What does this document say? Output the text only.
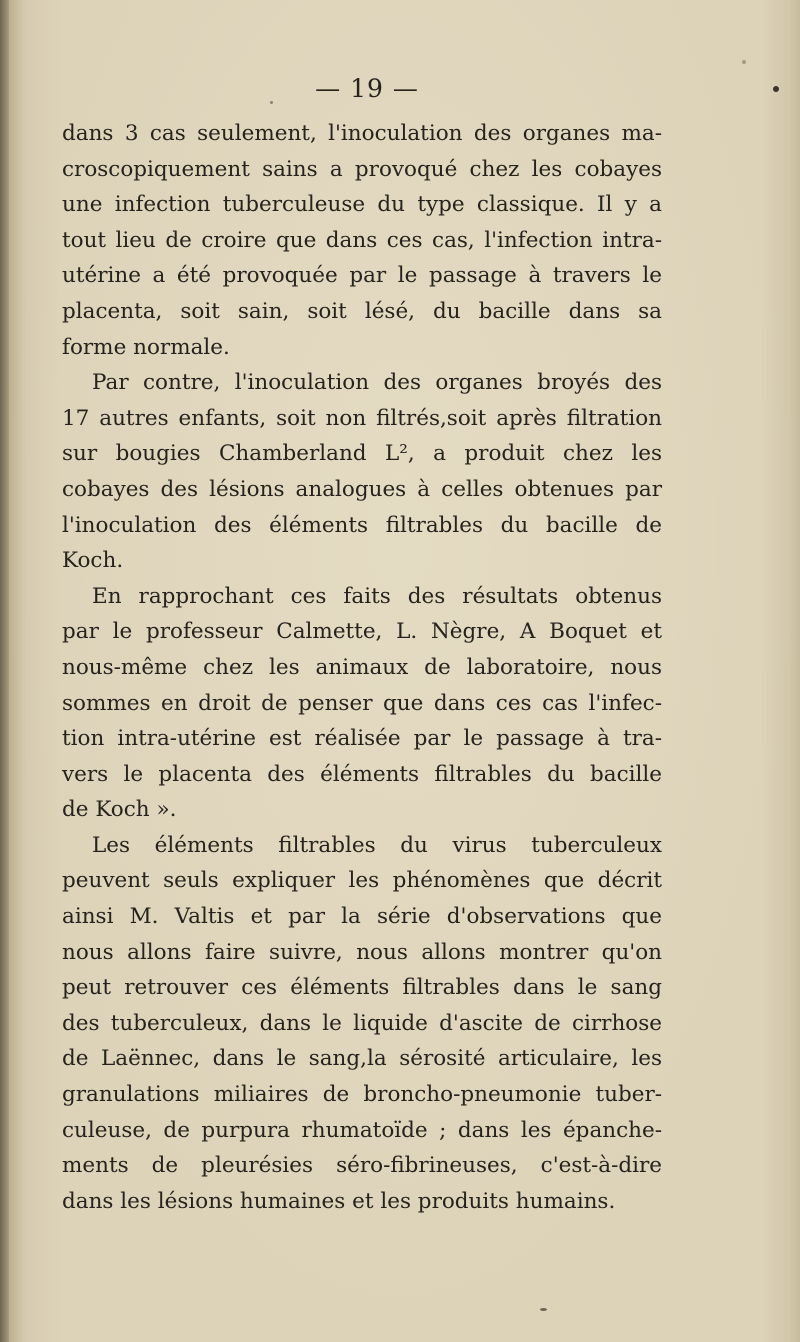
— 19 —
dans 3 cas seulement, l'inoculation des organes ma-
croscopiquement sains a provoqué chez les cobayes
une infection tuberculeuse du type classique. Il y a
tout lieu de croire que dans ces cas, l'infection intra-
utérine a été provoquée par le passage à travers le
placenta, soit sain, soit lésé, du bacille dans sa
forme normale.
Par contre, l'inoculation des organes broyés des
17 autres enfants, soit non filtrés,soit après filtration
sur bougies Chamberland L², a produit chez les
cobayes des lésions analogues à celles obtenues par
l'inoculation des éléments filtrables du bacille de
Koch.
En rapprochant ces faits des résultats obtenus
par le professeur Calmette, L. Nègre, A Boquet et
nous-même chez les animaux de laboratoire, nous
sommes en droit de penser que dans ces cas l'infec-
tion intra-utérine est réalisée par le passage à tra-
vers le placenta des éléments filtrables du bacille
de Koch ».
Les éléments filtrables du virus tuberculeux
peuvent seuls expliquer les phénomènes que décrit
ainsi M. Valtis et par la série d'observations que
nous allons faire suivre, nous allons montrer qu'on
peut retrouver ces éléments filtrables dans le sang
des tuberculeux, dans le liquide d'ascite de cirrhose
de Laënnec, dans le sang,la sérosité articulaire, les
granulations miliaires de broncho-pneumonie tuber-
culeuse, de purpura rhumatoïde ; dans les épanche-
ments de pleurésies séro-fibrineuses, c'est-à-dire
dans les lésions humaines et les produits humains.
